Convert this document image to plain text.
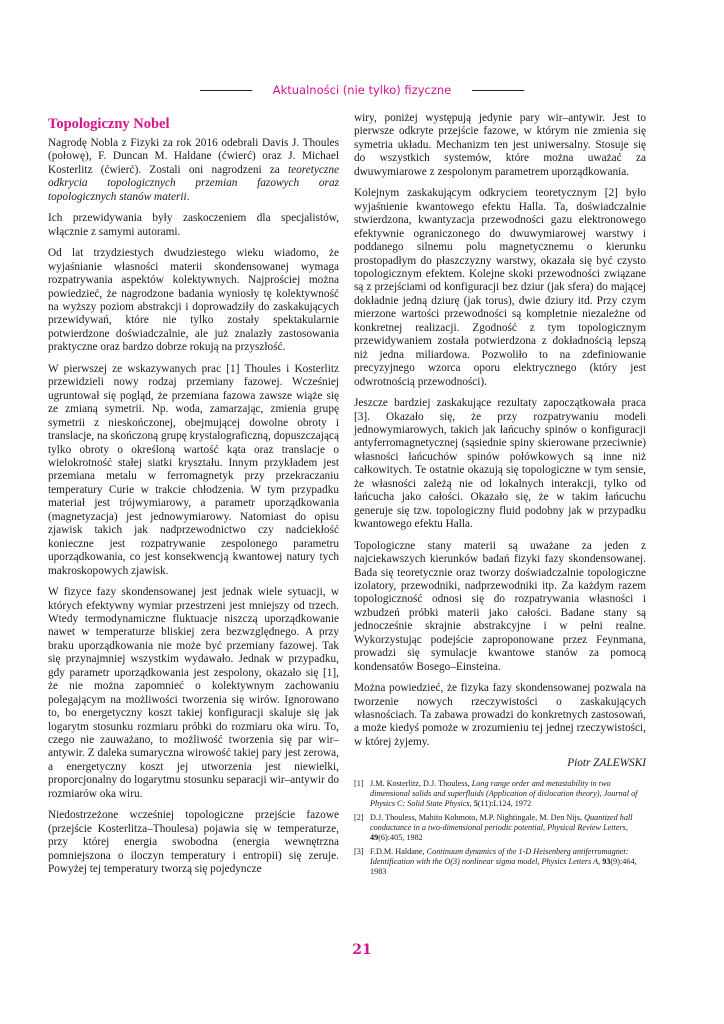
Aktualności (nie tylko) fizyczne
Topologiczny Nobel

Nagrodę Nobla z Fizyki za rok 2016 odebrali Davis J. Thoules (połowę), F. Duncan M. Haldane (ćwierć) oraz J. Michael Kosterlitz (ćwierć). Zostali oni nagrodzeni za teoretyczne odkrycia topologicznych przemian fazowych oraz topologicznych stanów materii.

Ich przewidywania były zaskoczeniem dla specjalistów, włącznie z samymi autorami.

Od lat trzydziestych dwudziestego wieku wiadomo, że wyjaśnianie własności materii skondensowanej wymaga rozpatrywania aspektów kolektywnych. Najprościej można powiedzieć, że nagrodzone badania wyniosły tę kolektywność na wyższy poziom abstrakcji i doprowadziły do zaskakujących przewidywań, które nie tylko zostały spektakularnie potwierdzone doświadczalnie, ale już znalazły zastosowania praktyczne oraz bardzo dobrze rokują na przyszłość.

W pierwszej ze wskazywanych prac [1] Thoules i Kosterlitz przewidzieli nowy rodzaj przemiany fazowej. Wcześniej ugruntował się pogląd, że przemiana fazowa zawsze wiąże się ze zmianą symetrii. Np. woda, zamarzając, zmienia grupę symetrii z nieskończonej, obejmującej dowolne obroty i translacje, na skończoną grupę krystalograficzną, dopuszczającą tylko obroty o określoną wartość kąta oraz translacje o wielokrotność stałej siatki kryształu. Innym przykładem jest przemiana metalu w ferromagnetyk przy przekraczaniu temperatury Curie w trakcie chłodzenia. W tym przypadku materiał jest trójwymiarowy, a parametr uporządkowania (magnetyzacja) jest jednowymiarowy. Natomiast do opisu zjawisk takich jak nadprzewodnictwo czy nadciekłość konieczne jest rozpatrywanie zespolonego parametru uporządkowania, co jest konsekwencją kwantowej natury tych makroskopowych zjawisk.

W fizyce fazy skondensowanej jest jednak wiele sytuacji, w których efektywny wymiar przestrzeni jest mniejszy od trzech. Wtedy termodynamiczne fluktuacje niszczą uporządkowanie nawet w temperaturze bliskiej zera bezwzględnego. A przy braku uporządkowania nie może być przemiany fazowej. Tak się przynajmniej wszystkim wydawało. Jednak w przypadku, gdy parametr uporządkowania jest zespolony, okazało się [1], że nie można zapomnieć o kolektywnym zachowaniu polegającym na możliwości tworzenia się wirów. Ignorowano to, bo energetyczny koszt takiej konfiguracji skaluje się jak logarytm stosunku rozmiaru próbki do rozmiaru oka wiru. To, czego nie zauważano, to możliwość tworzenia się par wir–antywir. Z daleka sumaryczna wirowość takiej pary jest zerowa, a energetyczny koszt jej utworzenia jest niewielki, proporcjonalny do logarytmu stosunku separacji wir–antywir do rozmiarów oka wiru.

Niedostrzeżone wcześniej topologiczne przejście fazowe (przejście Kosterlitza–Thoulesa) pojawia się w temperaturze, przy której energia swobodna (energia wewnętrzna pomniejszona o iloczyn temperatury i entropii) się zeruje. Powyżej tej temperatury tworzą się pojedyncze

wiry, poniżej występują jedynie pary wir–antywir. Jest to pierwsze odkryte przejście fazowe, w którym nie zmienia się symetria układu. Mechanizm ten jest uniwersalny. Stosuje się do wszystkich systemów, które można uważać za dwuwymiarowe z zespolonym parametrem uporządkowania.

Kolejnym zaskakującym odkryciem teoretycznym [2] było wyjaśnienie kwantowego efektu Halla. Ta, doświadczalnie stwierdzona, kwantyzacja przewodności gazu elektronowego efektywnie ograniczonego do dwuwymiarowej warstwy i poddanego silnemu polu magnetycznemu o kierunku prostopadłym do płaszczyzny warstwy, okazała się być czysto topologicznym efektem. Kolejne skoki przewodności związane są z przejściami od konfiguracji bez dziur (jak sfera) do mającej dokładnie jedną dziurę (jak torus), dwie dziury itd. Przy czym mierzone wartości przewodności są kompletnie niezależne od konkretnej realizacji. Zgodność z tym topologicznym przewidywaniem została potwierdzona z dokładnością lepszą niż jedna miliardowa. Pozwoliło to na zdefiniowanie precyzyjnego wzorca oporu elektrycznego (który jest odwrotnością przewodności).

Jeszcze bardziej zaskakujące rezultaty zapoczątkowała praca [3]. Okazało się, że przy rozpatrywaniu modeli jednowymiarowych, takich jak łańcuchy spinów o konfiguracji antyferromagnetycznej (sąsiednie spiny skierowane przeciwnie) własności łańcuchów spinów połówkowych są inne niż całkowitych. Te ostatnie okazują się topologiczne w tym sensie, że własności zależą nie od lokalnych interakcji, tylko od łańcucha jako całości. Okazało się, że w takim łańcuchu generuje się tzw. topologiczny fluid podobny jak w przypadku kwantowego efektu Halla.

Topologiczne stany materii są uważane za jeden z najciekawszych kierunków badań fizyki fazy skondensowanej. Bada się teoretycznie oraz tworzy doświadczalnie topologiczne izolatory, przewodniki, nadprzewodniki itp. Za każdym razem topologiczność odnosi się do rozpatrywania własności i wzbudzeń próbki materii jako całości. Badane stany są jednocześnie skrajnie abstrakcyjne i w pełni realne. Wykorzystując podejście zaproponowane przez Feynmana, prowadzi się symulacje kwantowe stanów za pomocą kondensatów Bosego–Einsteina.

Można powiedzieć, że fizyka fazy skondensowanej pozwala na tworzenie nowych rzeczywistości o zaskakujących własnościach. Ta zabawa prowadzi do konkretnych zastosowań, a może kiedyś pomoże w zrozumieniu tej jednej rzeczywistości, w której żyjemy.

Piotr ZALEWSKI
[1] J.M. Kosterlitz, D.J. Thouless, Long range order and metastability in two dimensional solids and superfluids (Application of dislocation theory), Journal of Physics C: Solid State Physics, 5(11):L124, 1972
[2] D.J. Thouless, Mahito Kohmoto, M.P. Nightingale, M. Den Nijs, Quantized hall conductance in a two-dimensional periodic potential, Physical Review Letters, 49(6):405, 1982
[3] F.D.M. Haldane, Continuum dynamics of the 1-D Heisenberg antiferromagnet: Identification with the O(3) nonlinear sigma model, Physics Letters A, 93(9):464, 1983
21
